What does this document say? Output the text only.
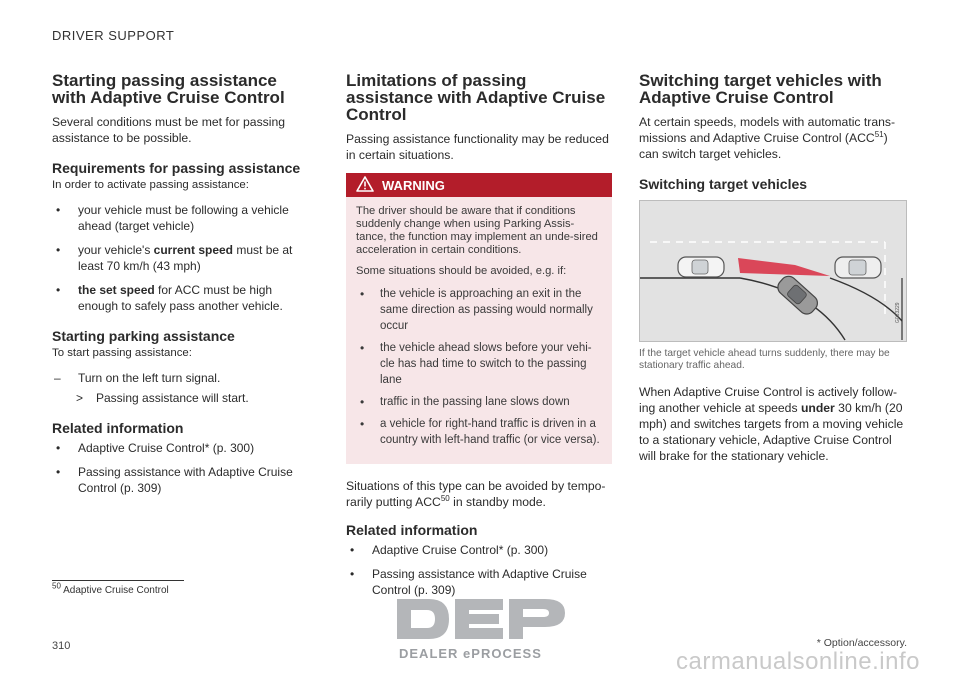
DRIVER SUPPORT
Starting passing assistance with Adaptive Cruise Control

Several conditions must be met for passing assistance to be possible.

Requirements for passing assistance

In order to activate passing assistance:

• your vehicle must be following a vehicle ahead (target vehicle)
• your vehicle's current speed must be at least 70 km/h (43 mph)
• the set speed for ACC must be high enough to safely pass another vehicle.
Starting parking assistance

To start passing assistance:

– Turn on the left turn signal.
> Passing assistance will start.
Related information
• Adaptive Cruise Control* (p. 300)
• Passing assistance with Adaptive Cruise Control (p. 309)
Limitations of passing assistance with Adaptive Cruise Control

Passing assistance functionality may be reduced in certain situations.

WARNING

The driver should be aware that if conditions suddenly change when using Parking Assis-tance, the function may implement an unde-sired acceleration in certain conditions.

Some situations should be avoided, e.g. if:

• the vehicle is approaching an exit in the same direction as passing would normally occur
• the vehicle ahead slows before your vehi-cle has had time to switch to the passing lane
• traffic in the passing lane slows down
• a vehicle for right-hand traffic is driven in a country with left-hand traffic (or vice versa).

Situations of this type can be avoided by tempo-rarily putting ACC$^{50}$ in standby mode.

Related information
• Adaptive Cruise Control* (p. 300)
• Passing assistance with Adaptive Cruise Control (p. 309)
Switching target vehicles with Adaptive Cruise Control

At certain speeds, models with automatic trans-missions and Adaptive Cruise Control (ACC$^{51}$) can switch target vehicles.

Switching target vehicles
G063229
If the target vehicle ahead turns suddenly, there may be stationary traffic ahead.

When Adaptive Cruise Control is actively follow-ing another vehicle at speeds under 30 km/h (20 mph) and switches targets from a moving vehicle to a stationary vehicle, Adaptive Cruise Control will brake for the stationary vehicle.

$^{50}$ Adaptive Cruise Control
310	* Option/accessory.
DEALER ePROCESS	carmanualsonline.info
